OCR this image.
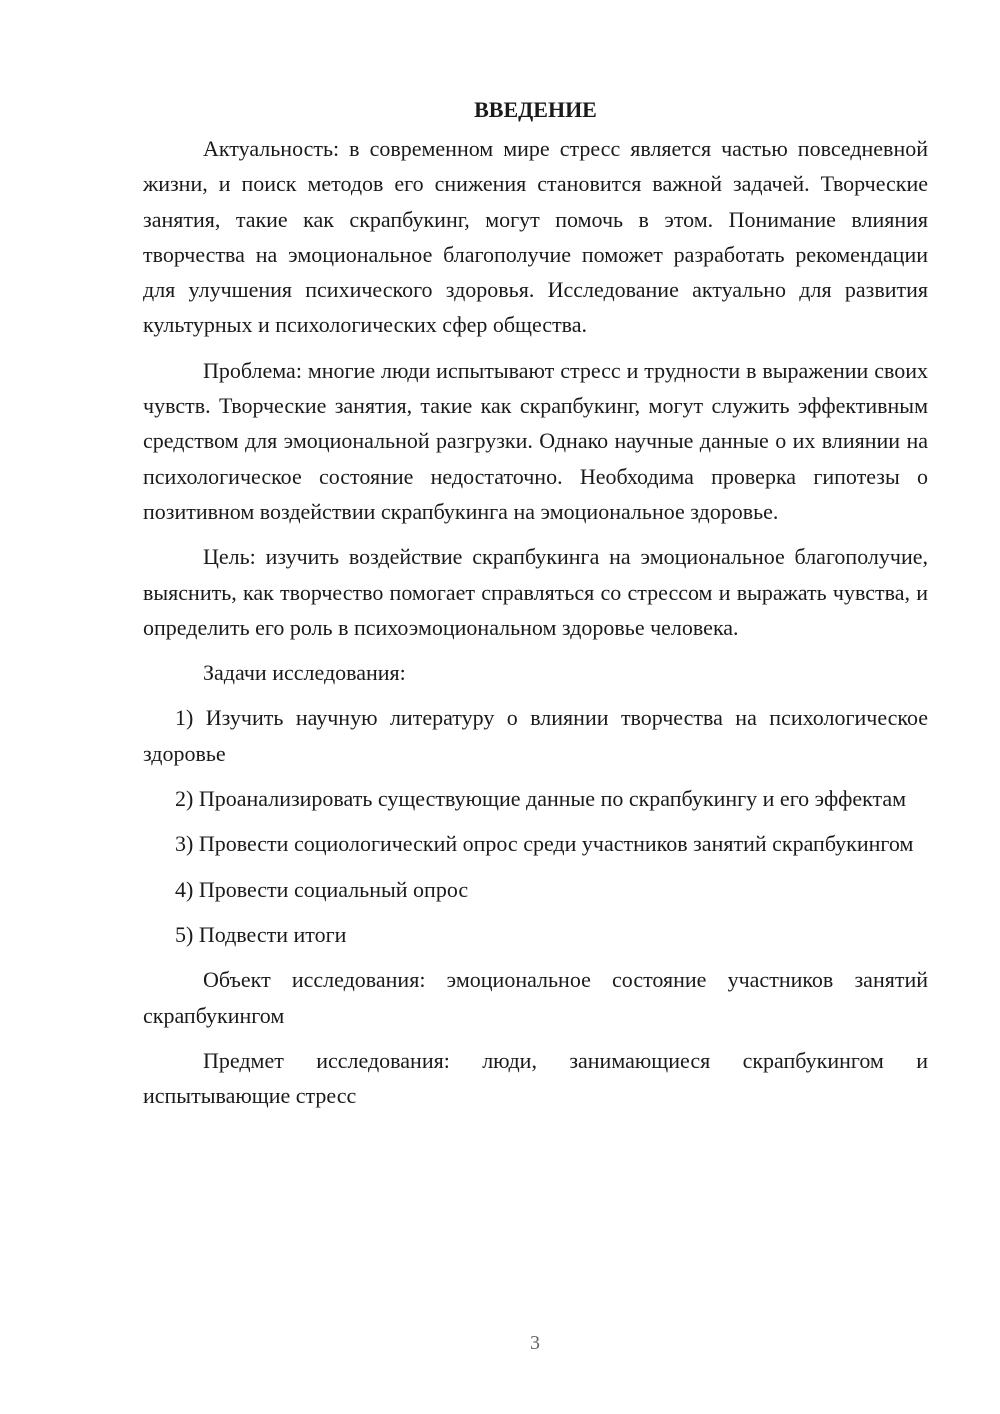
ВВЕДЕНИЕ

Актуальность: в современном мире стресс является частью повседневной жизни, и поиск методов его снижения становится важной задачей. Творческие занятия, такие как скрапбукинг, могут помочь в этом. Понимание влияния творчества на эмоциональное благополучие поможет разработать рекомендации для улучшения психического здоровья. Исследование актуально для развития культурных и психологических сфер общества.

Проблема: многие люди испытывают стресс и трудности в выражении своих чувств. Творческие занятия, такие как скрапбукинг, могут служить эффективным средством для эмоциональной разгрузки. Однако научные данные о их влиянии на психологическое состояние недостаточно. Необходима проверка гипотезы о позитивном воздействии скрапбукинга на эмоциональное здоровье.

Цель: изучить воздействие скрапбукинга на эмоциональное благополучие, выяснить, как творчество помогает справляться со стрессом и выражать чувства, и определить его роль в психоэмоциональном здоровье человека.

Задачи исследования:

1) Изучить научную литературу о влиянии творчества на психологическое здоровье

2) Проанализировать существующие данные по скрапбукингу и его эффектам

3) Провести социологический опрос среди участников занятий скрапбукингом

4) Провести социальный опрос

5) Подвести итоги

Объект исследования: эмоциональное состояние участников занятий скрапбукингом

Предмет исследования: люди, занимающиеся скрапбукингом и испытывающие стресс

3
